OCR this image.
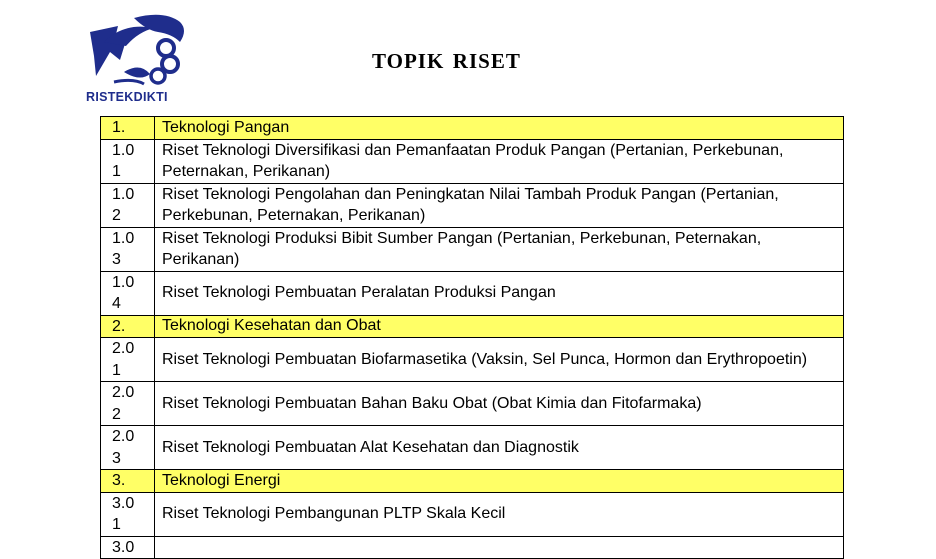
RISTEKDIKTI
topik riset
1.	Teknologi Pangan

1.0
1	Riset Teknologi Diversifikasi dan Pemanfaatan Produk Pangan (Pertanian, Perkebunan, Peternakan, Perikanan)

1.0
2	Riset Teknologi Pengolahan dan Peningkatan Nilai Tambah Produk Pangan (Pertanian, Perkebunan, Peternakan, Perikanan)

1.0
3	Riset Teknologi Produksi Bibit Sumber Pangan (Pertanian, Perkebunan, Peternakan, Perikanan)

1.0
4	Riset Teknologi Pembuatan Peralatan Produksi Pangan

2.	Teknologi Kesehatan dan Obat

2.0
1	Riset Teknologi Pembuatan Biofarmasetika (Vaksin, Sel Punca, Hormon dan Erythropoetin)

2.0
2	Riset Teknologi Pembuatan Bahan Baku Obat (Obat Kimia dan Fitofarmaka)

2.0
3	Riset Teknologi Pembuatan Alat Kesehatan dan Diagnostik

3.	Teknologi Energi

3.0
1	Riset Teknologi Pembangunan PLTP Skala Kecil

3.0	
